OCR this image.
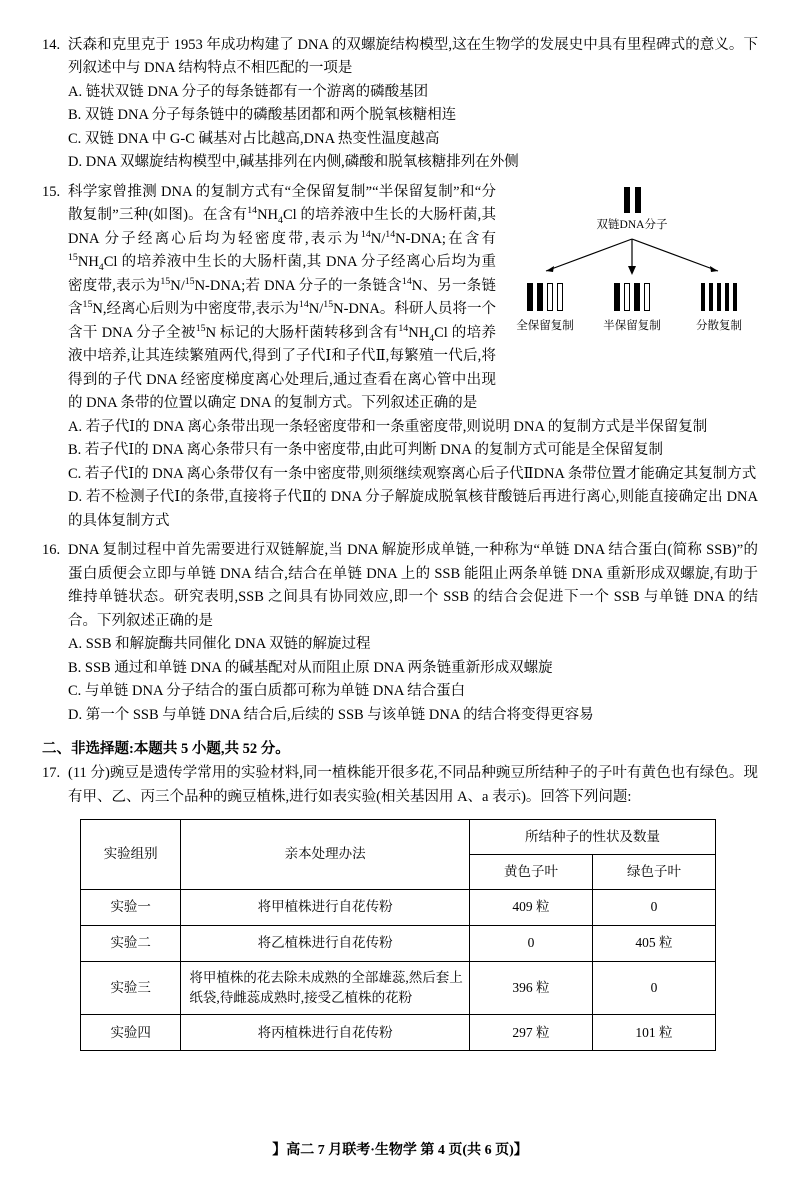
14. 沃森和克里克于 1953 年成功构建了 DNA 的双螺旋结构模型,这在生物学的发展史中具有里程碑式的意义。下列叙述中与 DNA 结构特点不相匹配的一项是
A. 链状双链 DNA 分子的每条链都有一个游离的磷酸基团
B. 双链 DNA 分子每条链中的磷酸基团都和两个脱氧核糖相连
C. 双链 DNA 中 G-C 碱基对占比越高,DNA 热变性温度越高
D. DNA 双螺旋结构模型中,碱基排列在内侧,磷酸和脱氧核糖排列在外侧
双链DNA分子
全保留复制	半保留复制	分散复制
15. 科学家曾推测 DNA 的复制方式有“全保留复制”“半保留复制”和“分散复制”三种(如图)。在含有$^{14}NH_4Cl$ 的培养液中生长的大肠杆菌,其 DNA 分子经离心后均为轻密度带,表示为$^{14}$N/$^{14}$N-DNA;在含有$^{15}NH_4Cl$ 的培养液中生长的大肠杆菌,其 DNA 分子经离心后均为重密度带,表示为$^{15}$N/$^{15}$N-DNA;若 DNA 分子的一条链含$^{14}$N、另一条链含$^{15}$N,经离心后则为中密度带,表示为$^{14}$N/$^{15}$N-DNA。科研人员将一个含干 DNA 分子全被$^{15}$N 标记的大肠杆菌转移到含有$^{14}NH_4Cl$ 的培养液中培养,让其连续繁殖两代,得到了子代Ⅰ和子代Ⅱ,每繁殖一代后,将得到的子代 DNA 经密度梯度离心处理后,通过查看在离心管中出现的 DNA 条带的位置以确定 DNA 的复制方式。下列叙述正确的是
A. 若子代Ⅰ的 DNA 离心条带出现一条轻密度带和一条重密度带,则说明 DNA 的复制方式是半保留复制
B. 若子代Ⅰ的 DNA 离心条带只有一条中密度带,由此可判断 DNA 的复制方式可能是全保留复制
C. 若子代Ⅰ的 DNA 离心条带仅有一条中密度带,则须继续观察离心后子代ⅡDNA 条带位置才能确定其复制方式
D. 若不检测子代Ⅰ的条带,直接将子代Ⅱ的 DNA 分子解旋成脱氧核苷酸链后再进行离心,则能直接确定出 DNA 的具体复制方式
16. DNA 复制过程中首先需要进行双链解旋,当 DNA 解旋形成单链,一种称为“单链 DNA 结合蛋白(简称 SSB)”的蛋白质便会立即与单链 DNA 结合,结合在单链 DNA 上的 SSB 能阻止两条单链 DNA 重新形成双螺旋,有助于维持单链状态。研究表明,SSB 之间具有协同效应,即一个 SSB 的结合会促进下一个 SSB 与单链 DNA 的结合。下列叙述正确的是
A. SSB 和解旋酶共同催化 DNA 双链的解旋过程
B. SSB 通过和单链 DNA 的碱基配对从而阻止原 DNA 两条链重新形成双螺旋
C. 与单链 DNA 分子结合的蛋白质都可称为单链 DNA 结合蛋白
D. 第一个 SSB 与单链 DNA 结合后,后续的 SSB 与该单链 DNA 的结合将变得更容易
二、非选择题:本题共 5 小题,共 52 分。
17. (11 分)豌豆是遗传学常用的实验材料,同一植株能开很多花,不同品种豌豆所结种子的子叶有黄色也有绿色。现有甲、乙、丙三个品种的豌豆植株,进行如表实验(相关基因用 A、a 表示)。回答下列问题:
实验组别	亲本处理办法	所结种子的性状及数量	
		黄色子叶	绿色子叶
实验一	将甲植株进行自花传粉	409 粒	0
实验二	将乙植株进行自花传粉	0	405 粒
实验三	将甲植株的花去除未成熟的全部雄蕊,然后套上纸袋,待雌蕊成熟时,接受乙植株的花粉	396 粒	0
实验四	将丙植株进行自花传粉	297 粒	101 粒
】高二 7 月联考·生物学 第 4 页(共 6 页)】
